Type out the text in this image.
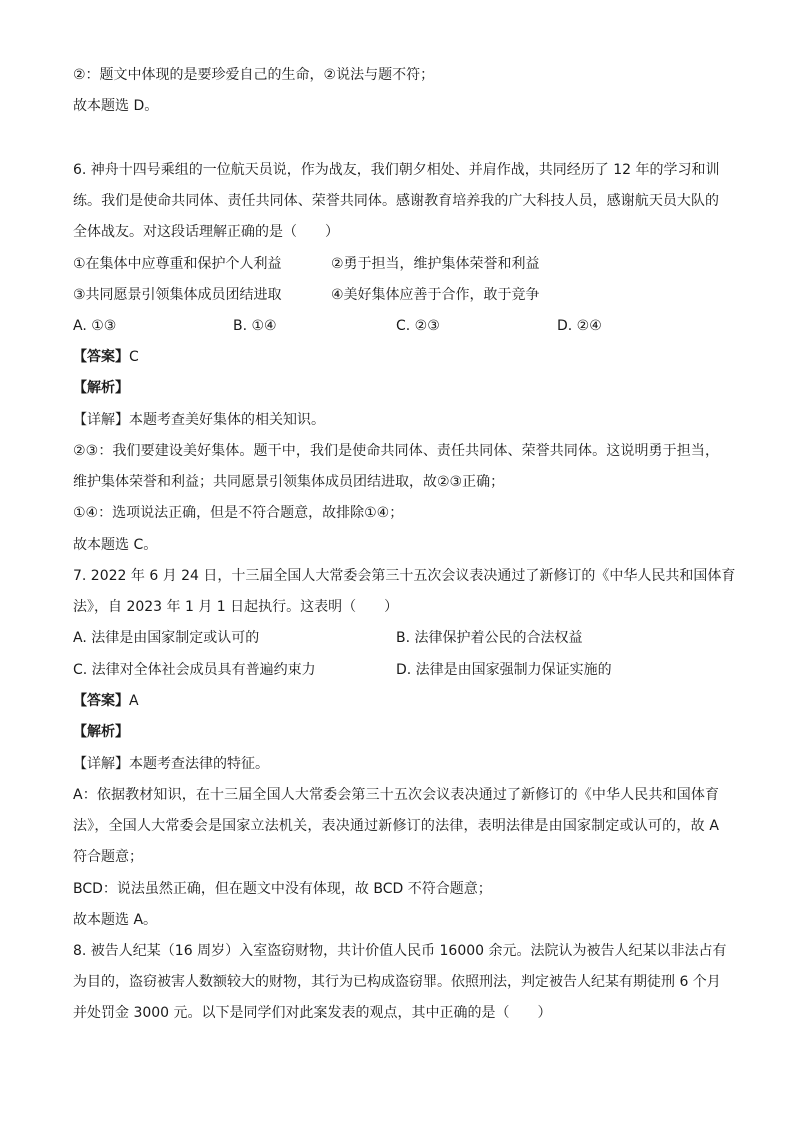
②：题文中体现的是要珍爱自己的生命，②说法与题不符；
故本题选 D。
6. 神舟十四号乘组的一位航天员说，作为战友，我们朝夕相处、并肩作战，共同经历了 12 年的学习和训
练。我们是使命共同体、责任共同体、荣誉共同体。感谢教育培养我的广大科技人员，感谢航天员大队的
全体战友。对这段话理解正确的是（　　）
①在集体中应尊重和保护个人利益	②勇于担当，维护集体荣誉和利益
③共同愿景引领集体成员团结进取	④美好集体应善于合作，敢于竞争
A. ①③	B. ①④	C. ②③	D. ②④
【答案】C
【解析】
【详解】本题考查美好集体的相关知识。
②③：我们要建设美好集体。题干中，我们是使命共同体、责任共同体、荣誉共同体。这说明勇于担当，
维护集体荣誉和利益；共同愿景引领集体成员团结进取，故②③正确；
①④：选项说法正确，但是不符合题意，故排除①④；
故本题选 C。
7. 2022 年 6 月 24 日，十三届全国人大常委会第三十五次会议表决通过了新修订的《中华人民共和国体育
法》，自 2023 年 1 月 1 日起执行。这表明（　　）
A. 法律是由国家制定或认可的	B. 法律保护着公民的合法权益
C. 法律对全体社会成员具有普遍约束力	D. 法律是由国家强制力保证实施的
【答案】A
【解析】
【详解】本题考查法律的特征。
A：依据教材知识，在十三届全国人大常委会第三十五次会议表决通过了新修订的《中华人民共和国体育
法》，全国人大常委会是国家立法机关，表决通过新修订的法律，表明法律是由国家制定或认可的，故 A
符合题意；
BCD：说法虽然正确，但在题文中没有体现，故 BCD 不符合题意；
故本题选 A。
8. 被告人纪某（16 周岁）入室盗窃财物，共计价值人民币 16000 余元。法院认为被告人纪某以非法占有
为目的，盗窃被害人数额较大的财物，其行为已构成盗窃罪。依照刑法，判定被告人纪某有期徒刑 6 个月
并处罚金 3000 元。以下是同学们对此案发表的观点，其中正确的是（　　）
